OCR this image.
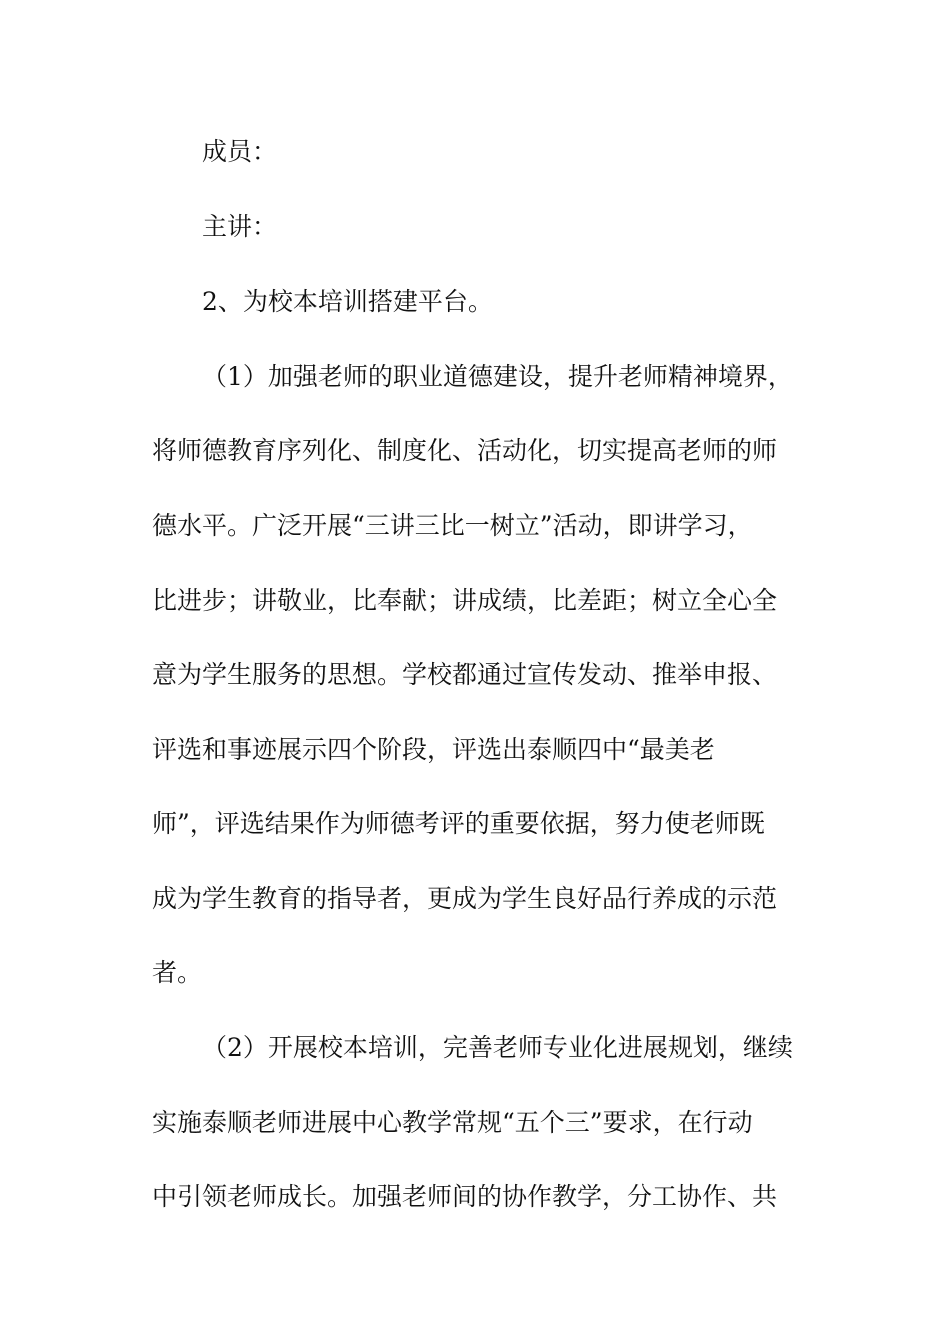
成员：
主讲：
2、为校本培训搭建平台。
（1）加强老师的职业道德建设，提升老师精神境界，
将师德教育序列化、制度化、活动化，切实提高老师的师
德水平。广泛开展“三讲三比一树立”活动，即讲学习，
比进步；讲敬业，比奉献；讲成绩，比差距；树立全心全
意为学生服务的思想。学校都通过宣传发动、推举申报、
评选和事迹展示四个阶段，评选出泰顺四中“最美老
师”，评选结果作为师德考评的重要依据，努力使老师既
成为学生教育的指导者，更成为学生良好品行养成的示范
者。
（2）开展校本培训，完善老师专业化进展规划，继续
实施泰顺老师进展中心教学常规“五个三”要求，在行动
中引领老师成长。加强老师间的协作教学，分工协作、共
